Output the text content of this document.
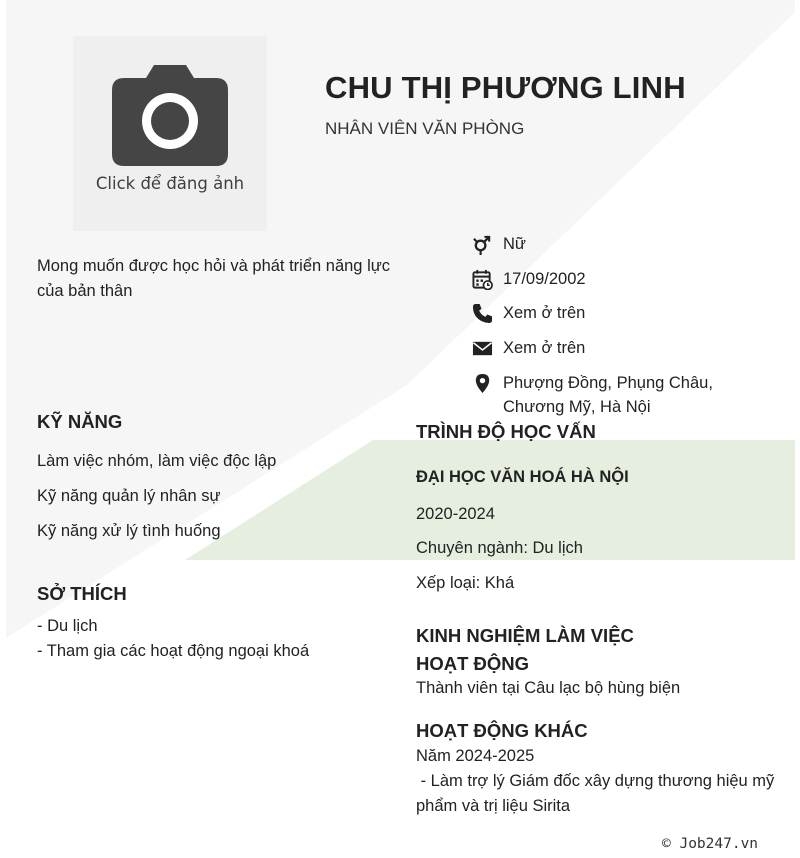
Click để đăng ảnh
CHU THỊ PHƯƠNG LINH
NHÂN VIÊN VĂN PHÒNG
Mong muốn được học hỏi và phát triển năng lực của bản thân
Nữ
17/09/2002
Xem ở trên
Xem ở trên
Phượng Đồng, Phụng Châu, Chương Mỹ, Hà Nội
KỸ NĂNG
Làm việc nhóm, làm việc độc lập
Kỹ năng quản lý nhân sự
Kỹ năng xử lý tình huống
SỞ THÍCH
- Du lịch
- Tham gia các hoạt động ngoại khoá
TRÌNH ĐỘ HỌC VẤN
ĐẠI HỌC VĂN HOÁ HÀ NỘI
2020-2024
Chuyên ngành: Du lịch
Xếp loại: Khá
KINH NGHIỆM LÀM VIỆC
HOẠT ĐỘNG
Thành viên tại Câu lạc bộ hùng biện
HOẠT ĐỘNG KHÁC
Năm 2024-2025
- Làm trợ lý Giám đốc xây dựng thương hiệu mỹ phẩm và trị liệu Sirita
© Job247.vn
